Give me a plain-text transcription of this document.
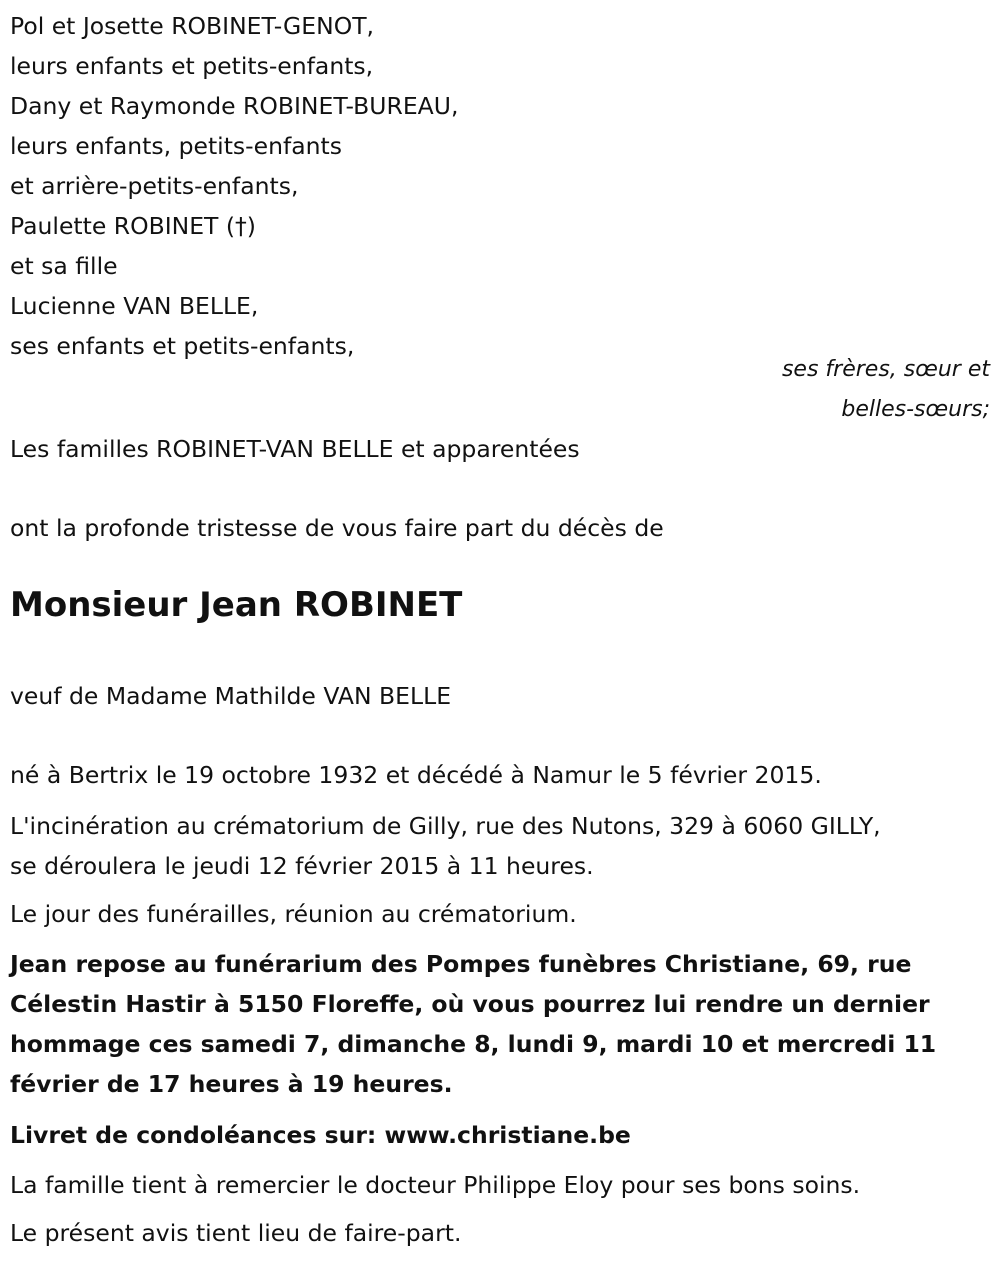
Pol et Josette ROBINET-GENOT,
leurs enfants et petits-enfants,
Dany et Raymonde ROBINET-BUREAU,
leurs enfants, petits-enfants
et arrière-petits-enfants,
Paulette ROBINET (†)
et sa fille
Lucienne VAN BELLE,
ses enfants et petits-enfants,
ses frères, sœur et
belles-sœurs;
Les familles ROBINET-VAN BELLE et apparentées
ont la profonde tristesse de vous faire part du décès de
Monsieur Jean ROBINET
veuf de Madame Mathilde VAN BELLE
né à Bertrix le 19 octobre 1932 et décédé à Namur le 5 février 2015.
L'incinération au crématorium de Gilly, rue des Nutons, 329 à 6060 GILLY,
se déroulera le jeudi 12 février 2015 à 11 heures.
Le jour des funérailles, réunion au crématorium.
Jean repose au funérarium des Pompes funèbres Christiane, 69, rue
Célestin Hastir à 5150 Floreffe, où vous pourrez lui rendre un dernier
hommage ces samedi 7, dimanche 8, lundi 9, mardi 10 et mercredi 11
février de 17 heures à 19 heures.
Livret de condoléances sur: www.christiane.be
La famille tient à remercier le docteur Philippe Eloy pour ses bons soins.
Le présent avis tient lieu de faire-part.
